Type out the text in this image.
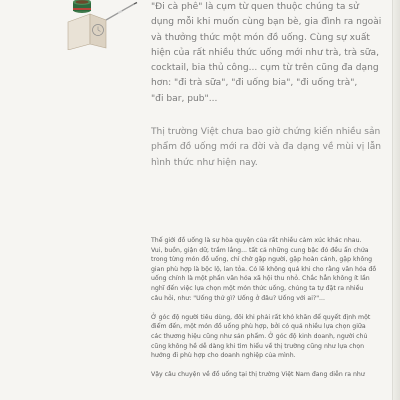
"Đi cà phê" là cụm từ quen thuộc chúng ta sử

dụng mỗi khi muốn cùng bạn bè, gia đình ra ngoài

và thưởng thức một món đồ uống. Cùng sự xuất

hiện của rất nhiều thức uống mới như trà, trà sữa,

cocktail, bia thủ công... cụm từ trên cũng đa dạng

hơn: "đi trà sữa", "đi uống bia", "đi uống trà",

"đi bar, pub"...

Thị trường Việt chưa bao giờ chứng kiến nhiều sản

phẩm đồ uống mới ra đời và đa dạng về mùi vị lẫn

hình thức như hiện nay.

Thế giới đồ uống là sự hòa quyện của rất nhiều cảm xúc khác nhau.
Vui, buồn, giận dữ, trầm lắng... tất cả những cung bậc đó đều ẩn chứa
trong từng món đồ uống, chỉ chờ gặp người, gặp hoàn cảnh, gặp không
gian phù hợp là bộc lộ, lan tỏa. Có lẽ không quá khi cho rằng văn hóa đồ
uống chính là một phần văn hóa xã hội thu nhỏ. Chắc hẳn không ít lần
nghĩ đến việc lựa chọn một món thức uống, chúng ta tự đặt ra nhiều
câu hỏi, như: "Uống thứ gì? Uống ở đâu? Uống với ai?"...

Ở góc độ người tiêu dùng, đôi khi phải rất khó khăn để quyết định một
điểm đến, một món đồ uống phù hợp, bởi có quá nhiều lựa chọn giữa
các thương hiệu cũng như sản phẩm. Ở góc độ kinh doanh, người chủ
cũng không hề dễ dàng khi tìm hiểu về thị trường cũng như lựa chọn
hướng đi phù hợp cho doanh nghiệp của mình.

Vậy câu chuyện về đồ uống tại thị trường Việt Nam đang diễn ra như
